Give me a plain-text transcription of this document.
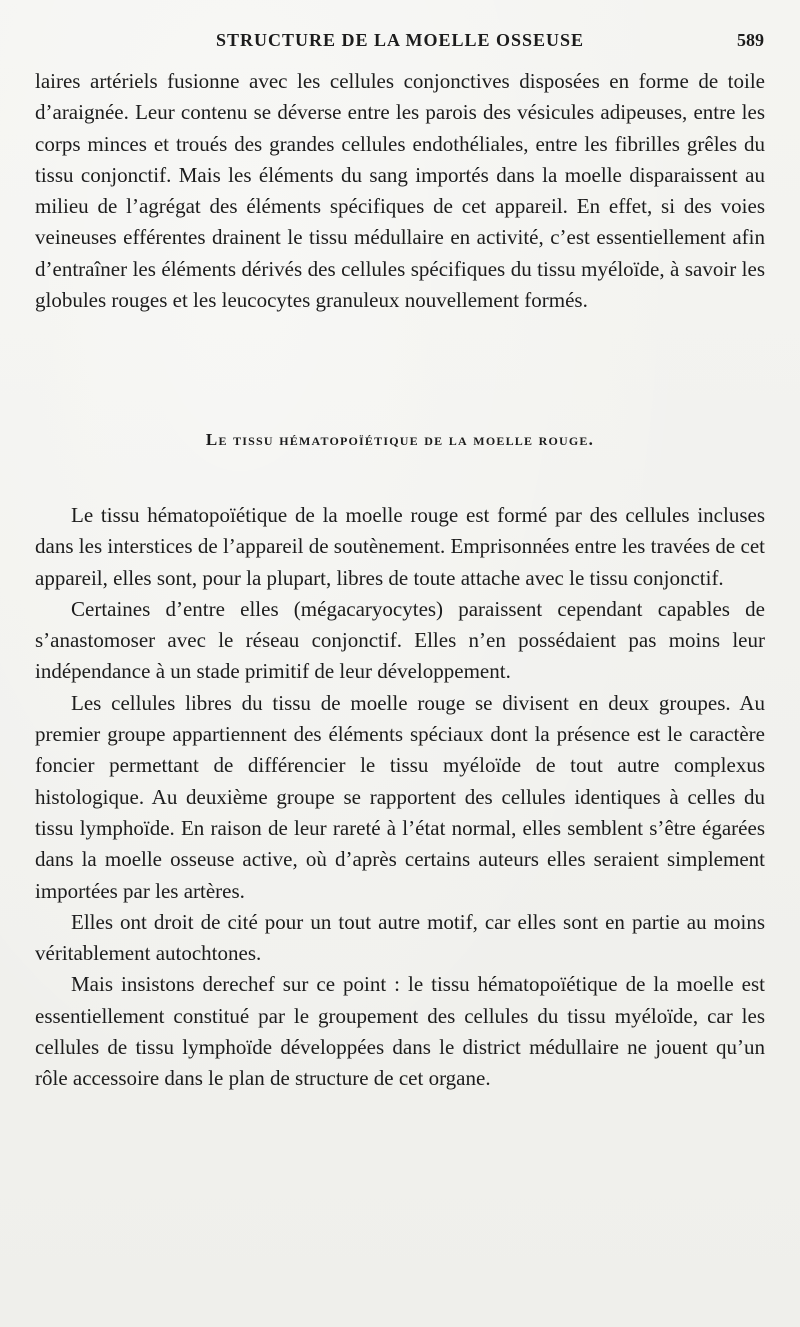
STRUCTURE DE LA MOELLE OSSEUSE	589

laires artériels fusionne avec les cellules conjonctives disposées en forme de toile d’araignée. Leur contenu se déverse entre les parois des vésicules adipeuses, entre les corps minces et troués des grandes cellules endothéliales, entre les fibrilles grêles du tissu conjonctif. Mais les éléments du sang importés dans la moelle disparaissent au milieu de l’agrégat des éléments spécifiques de cet appareil. En effet, si des voies veineuses efférentes drainent le tissu médullaire en activité, c’est essentiellement afin d’entraîner les éléments dérivés des cellules spécifiques du tissu myéloïde, à savoir les globules rouges et les leucocytes granuleux nouvellement formés.

Le tissu hématopoïétique de la moelle rouge.

Le tissu hématopoïétique de la moelle rouge est formé par des cellules incluses dans les interstices de l’appareil de soutènement. Emprisonnées entre les travées de cet appareil, elles sont, pour la plupart, libres de toute attache avec le tissu conjonctif.

Certaines d’entre elles (mégacaryocytes) paraissent cependant capables de s’anastomoser avec le réseau conjonctif. Elles n’en possédaient pas moins leur indépendance à un stade primitif de leur développement.

Les cellules libres du tissu de moelle rouge se divisent en deux groupes. Au premier groupe appartiennent des éléments spéciaux dont la présence est le caractère foncier permettant de différencier le tissu myéloïde de tout autre complexus histologique. Au deuxième groupe se rapportent des cellules identiques à celles du tissu lymphoïde. En raison de leur rareté à l’état normal, elles semblent s’être égarées dans la moelle osseuse active, où d’après certains auteurs elles seraient simplement importées par les artères.

Elles ont droit de cité pour un tout autre motif, car elles sont en partie au moins véritablement autochtones.

Mais insistons derechef sur ce point : le tissu hématopoïétique de la moelle est essentiellement constitué par le groupement des cellules du tissu myéloïde, car les cellules de tissu lymphoïde développées dans le district médullaire ne jouent qu’un rôle accessoire dans le plan de structure de cet organe.
